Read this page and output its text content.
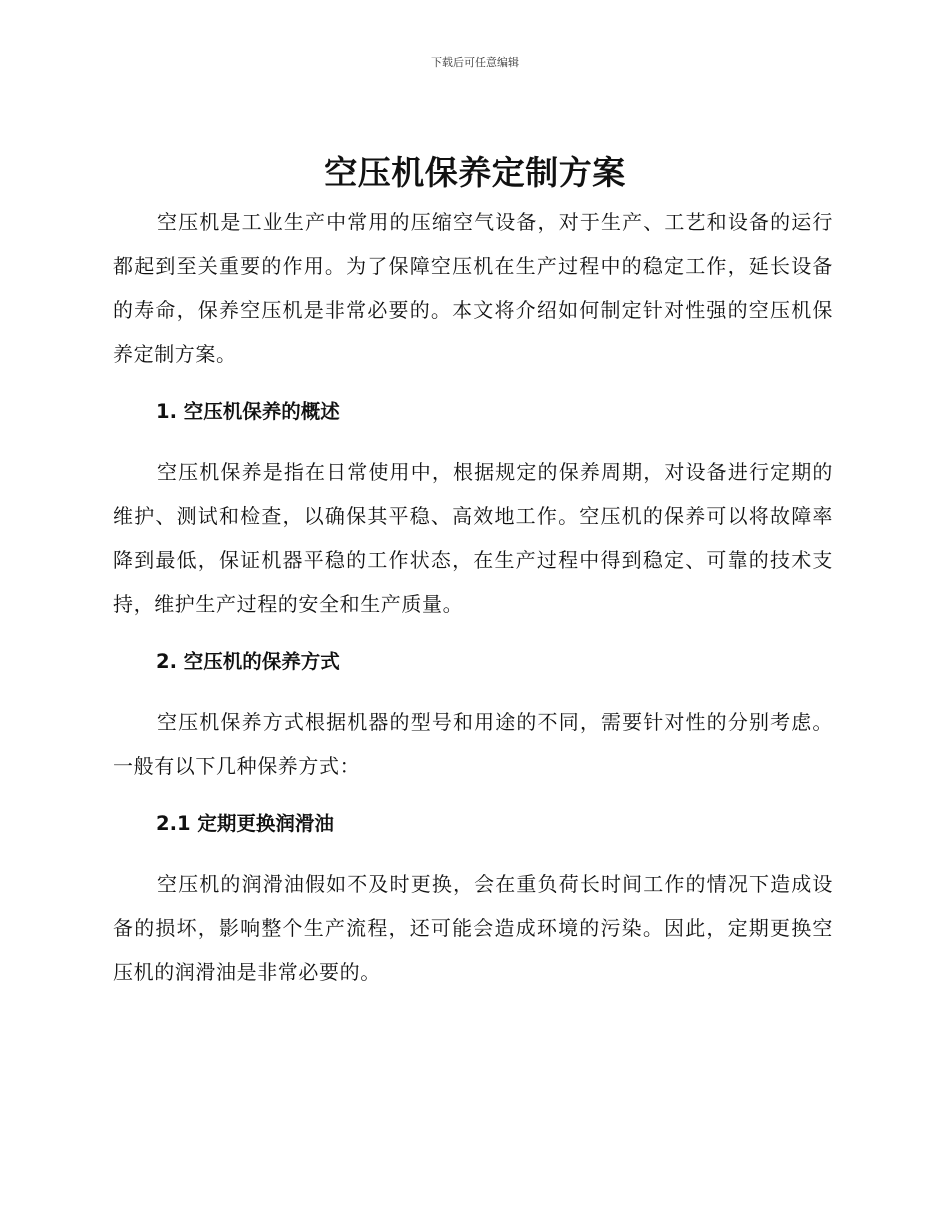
下载后可任意编辑
空压机保养定制方案

空压机是工业生产中常用的压缩空气设备，对于生产、工艺和设备的运行都起到至关重要的作用。为了保障空压机在生产过程中的稳定工作，延长设备的寿命，保养空压机是非常必要的。本文将介绍如何制定针对性强的空压机保养定制方案。

1. 空压机保养的概述

空压机保养是指在日常使用中，根据规定的保养周期，对设备进行定期的维护、测试和检查，以确保其平稳、高效地工作。空压机的保养可以将故障率降到最低，保证机器平稳的工作状态，在生产过程中得到稳定、可靠的技术支持，维护生产过程的安全和生产质量。

2. 空压机的保养方式

空压机保养方式根据机器的型号和用途的不同，需要针对性的分别考虑。一般有以下几种保养方式：

2.1 定期更换润滑油

空压机的润滑油假如不及时更换，会在重负荷长时间工作的情况下造成设备的损坏，影响整个生产流程，还可能会造成环境的污染。因此，定期更换空压机的润滑油是非常必要的。
